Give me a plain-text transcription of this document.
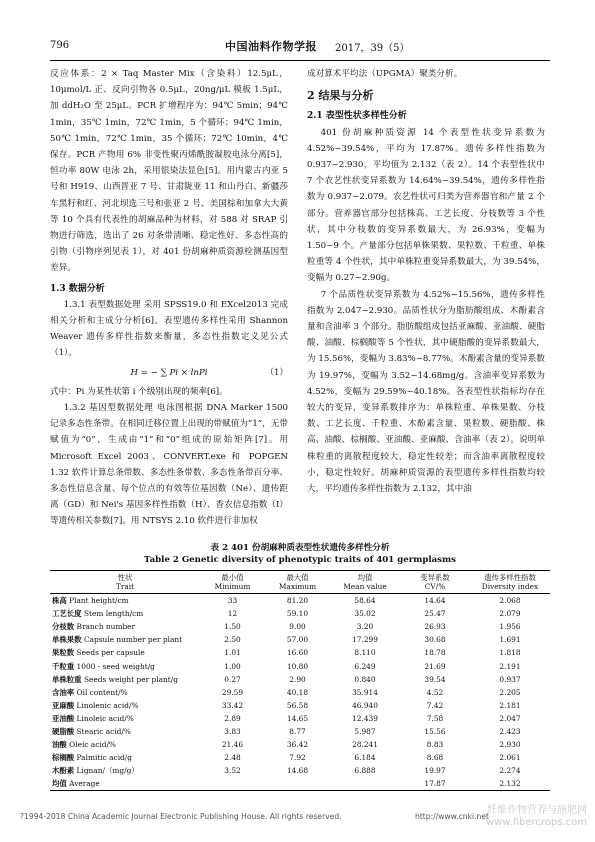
796	中国油料作物学报 2017，39（5）

反应体系：2 × Taq Master Mix（含染料）12.5μL，10μmol/L 正、反向引物各 0.5μL，20ng/μL 模板 1.5μL，加 ddH₂O 至 25μL。PCR 扩增程序为：94℃ 5min；94℃ 1min，35℃ 1min，72℃ 1min，5 个循环；94℃ 1min，50℃ 1min，72℃ 1min，35 个循环；72℃ 10min，4℃ 保存。PCR 产物用 6% 非变性聚丙烯酰胺凝胶电泳分离[5]，恒功率 80W 电泳 2h，采用银染法显色[5]。用内蒙古内亚 5 号和 H919、山西晋亚 7 号、甘肃陇亚 11 和山丹白、新疆莎车黑籽和红、河北坝选三号和张亚 2 号、美国棕和加拿大大黄等 10 个具有代表性的胡麻品种为材料，对 588 对 SRAP 引物进行筛选，选出了 26 对条带清晰、稳定性好、多态性高的引物（引物序列见表 1），对 401 份胡麻种质资源检测基因型差异。

1.3 数据分析

1.3.1 表型数据处理 采用 SPSS19.0 和 EXcel2013 完成相关分析和主成分分析[6]。表型遗传多样性采用 Shannon Weaver 遗传多样性指数来衡量，多态性指数定义见公式（1）。

H = − ∑ Pi × lnPi	（1）

式中：Pi 为某性状第 i 个级别出现的频率[6]。

1.3.2 基因型数据处理 电泳图根据 DNA Marker 1500 记录多态性条带。在相同迁移位置上出现的带赋值为“1”，无带赋值为“0”，生成由“1”和“0”组成的原始矩阵[7]。用 Microsoft Excel 2003、CONVERT.exe 和 POPGEN 1.32 软件计算总条带数、多态性条带数、多态性条带百分率、多态性信息含量、每个位点的有效等位基因数（Ne）、遗传距离（GD）和 Nei's 基因多样性指数（H）、香农信息指数（I）等遗传相关参数[7]。用 NTSYS 2.10 软件进行非加权

成对算术平均法（UPGMA）聚类分析。

2 结果与分析

2.1 表型性状多样性分析

401 份胡麻种质资源 14 个表型性状变异系数为 4.52%~39.54%，平均为 17.87%。遗传多样性指数为 0.937~2.930，平均值为 2.132（表 2）。14 个表型性状中 7 个农艺性状变异系数为 14.64%~39.54%，遗传多样性指数为 0.937~2.079。农艺性状可归类为营养器官和产量 2 个部分。营养器官部分包括株高、工艺长度、分枝数等 3 个性状，其中分枝数的变异系数最大，为 26.93%，变幅为 1.50~9 个。产量部分包括单株果数、果粒数、千粒重、单株粒重等 4 个性状，其中单株粒重变异系数最大，为 39.54%，变幅为 0.27~2.90g。

7 个品质性状变异系数为 4.52%~15.56%，遗传多样性指数为 2.047~2.930。品质性状分为脂肪酸组成、木酚素含量和含油率 3 个部分。脂肪酸组成包括亚麻酸、亚油酸、硬脂酸、油酸、棕榈酸等 5 个性状，其中硬脂酸的变异系数最大，为 15.56%，变幅为 3.83%~8.77%。木酚素含量的变异系数为 19.97%，变幅为 3.52~14.68mg/g。含油率变异系数为 4.52%，变幅为 29.59%~40.18%。各表型性状指标均存在较大的变异，变异系数排序为：单株粒重、单株果数、分枝数、工艺长度、千粒重、木酚素含量、果粒数、硬脂酸、株高、油酸、棕榈酸、亚油酸、亚麻酸、含油率（表 2）。说明单株粒重的离散程度较大，稳定性较差；而含油率离散程度较小，稳定性较好。胡麻种质资源的表型遗传多样性指数均较大，平均遗传多样性指数为 2.132，其中油

表 2 401 份胡麻种质表型性状遗传多样性分析
Table 2 Genetic diversity of phenotypic traits of 401 germplasms
性状	最小值	最大值	均值	变异系数	遗传多样性指数
Trait	Minimum	Maximum	Mean value	CV/%	Diversity index
株高 Plant height/cm	33	81.20	58.64	14.64	2.068
工艺长度 Stem length/cm	12	59.10	35.02	25.47	2.079
分枝数 Branch number	1.50	9.00	3.20	26.93	1.956
单株果数 Capsule number per plant	2.50	57.00	17.299	30.68	1.691
果粒数 Seeds per capsule	1.01	16.60	8.110	18.78	1.818
千粒重 1000 - seed weight/g	1.00	10.80	6.249	21.69	2.191
单株粒重 Seeds weight per plant/g	0.27	2.90	0.840	39.54	0.937
含油率 Oil content/%	29.59	40.18	35.914	4.52	2.205
亚麻酸 Linolenic acid/%	33.42	56.58	46.940	7.42	2.181
亚油酸 Linoleic acid/%	2.89	14.65	12.439	7.58	2.047
硬脂酸 Stearic acid/%	3.83	8.77	5.987	15.56	2.423
油酸 Oleic acid/%	21.46	36.42	28.241	8.83	2.930
棕榈酸 Palmitic acid/g	2.48	7.92	6.184	8.68	2.061
木酚素 Lignan/（mg/g）	3.52	14.68	6.888	19.97	2.274
均值 Average				17.87	2.132
?1994-2018 China Academic Journal Electronic Publishing House. All rights reserved.	http://www.cnki.net
纤维作物营养与施肥网
www.fibercrops.com
